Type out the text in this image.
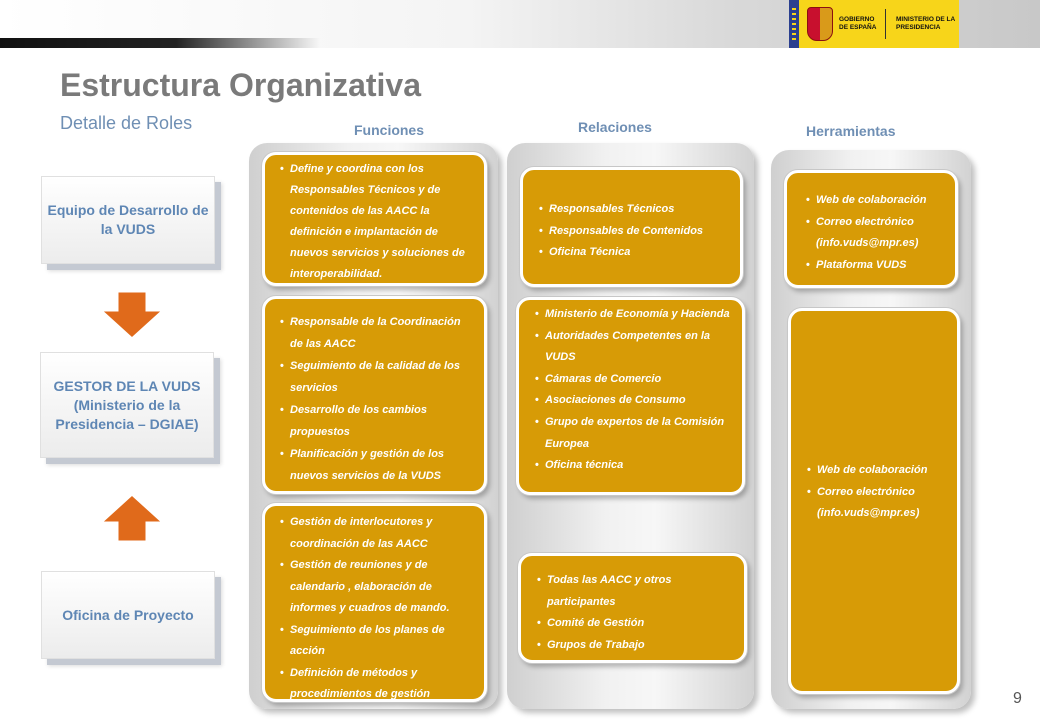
GOBIERNO DE ESPAÑA
MINISTERIO DE LA PRESIDENCIA
Estructura Organizativa
Detalle de Roles	Funciones	Relaciones	Herramientas
Equipo de Desarrollo de la VUDS
GESTOR DE LA VUDS (Ministerio de la Presidencia – DGIAE)
Oficina de Proyecto
• Define y coordina con los Responsables Técnicos y de contenidos de las AACC la definición e implantación de nuevos servicios y soluciones de interoperabilidad.
• Responsable de la Coordinación de las AACC
• Seguimiento de la calidad de los servicios
• Desarrollo de los cambios propuestos
• Planificación y gestión de los nuevos servicios de la VUDS
• Gestión de interlocutores y coordinación de las AACC
• Gestión de reuniones y de calendario , elaboración de informes y cuadros de mando.
• Seguimiento de los planes de acción
• Definición de métodos y procedimientos de gestión
• Responsables Técnicos
• Responsables de Contenidos
• Oficina Técnica
• Ministerio de Economía y Hacienda
• Autoridades Competentes en la VUDS
• Cámaras de Comercio
• Asociaciones de Consumo
• Grupo de expertos de la Comisión Europea
• Oficina técnica
• Todas las AACC y otros participantes
• Comité de Gestión
• Grupos de Trabajo
• Web de colaboración
• Correo electrónico (info.vuds@mpr.es)
• Plataforma VUDS
• Web de colaboración
• Correo electrónico (info.vuds@mpr.es)
9
